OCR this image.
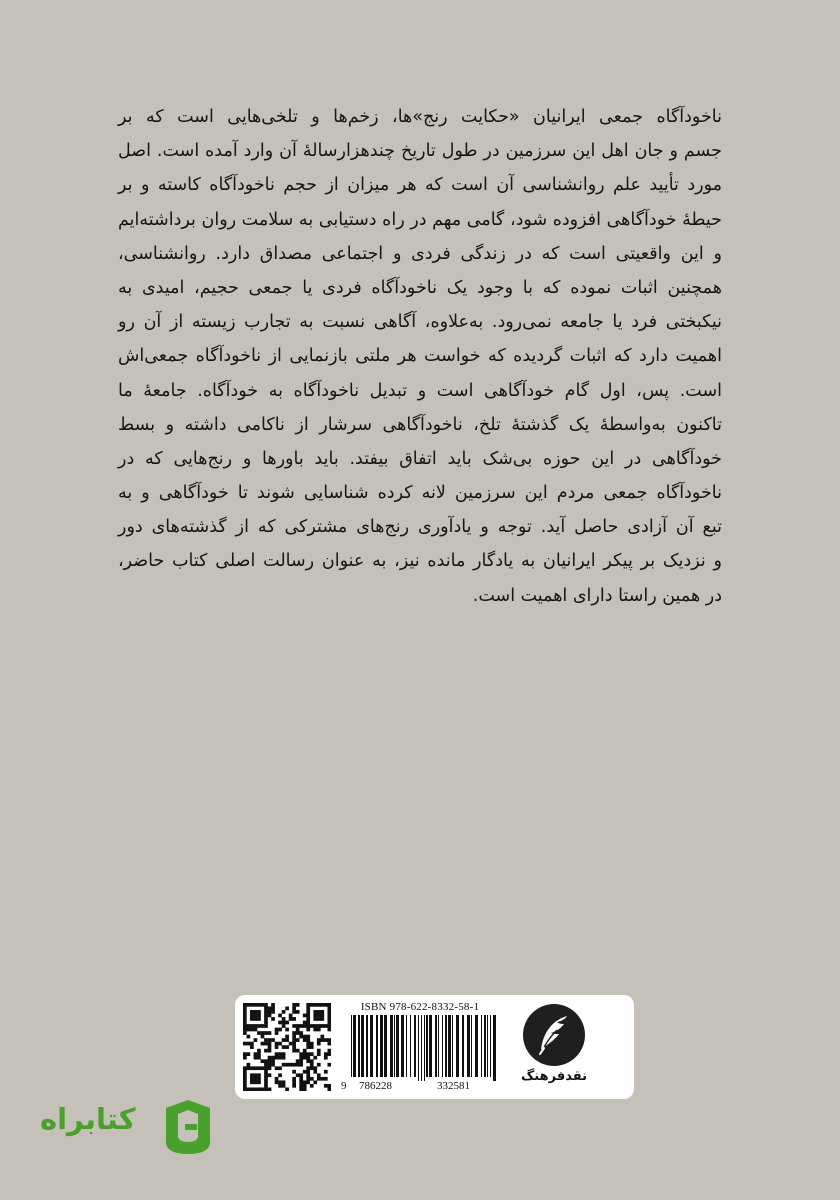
ناخودآگاه جمعی ایرانیان «حکایت رنج»ها، زخم‌ها و تلخی‌هایی است که بر
جسم و جان اهل این سرزمین در طول تاریخ چندهزارسالهٔ آن وارد آمده است. اصل
مورد تأیید علم روانشناسی آن است که هر میزان از حجم ناخودآگاه کاسته و بر
حیطهٔ خودآگاهی افزوده شود، گامی مهم در راه دستیابی به سلامت روان برداشته‌ایم
و این واقعیتی است که در زندگی فردی و اجتماعی مصداق دارد. روانشناسی،
همچنین اثبات نموده که با وجود یک ناخودآگاه فردی یا جمعی حجیم، امیدی به
نیکبختی فرد یا جامعه نمی‌رود. به‌علاوه، آگاهی نسبت به تجارب زیسته از آن رو
اهمیت دارد که اثبات گردیده که خواست هر ملتی بازنمایی از ناخودآگاه جمعی‌اش
است. پس، اول گام خودآگاهی است و تبدیل ناخودآگاه به خودآگاه. جامعهٔ ما
تاکنون به‌واسطهٔ یک گذشتهٔ تلخ، ناخودآگاهی سرشار از ناکامی داشته و بسط
خودآگاهی در این حوزه بی‌شک باید اتفاق بیفتد. باید باورها و رنج‌هایی که در
ناخودآگاه جمعی مردم این سرزمین لانه کرده شناسایی شوند تا خودآگاهی و به
تبع آن آزادی حاصل آید. توجه و یادآوری رنج‌های مشترکی که از گذشته‌های دور
و نزدیک بر پیکر ایرانیان به یادگار مانده نیز، به عنوان رسالت اصلی کتاب حاضر،
در همین راستا دارای اهمیت است.
ISBN 978-622-8332-58-1
9 786228	332581
نقدفرهنگ
کتابراه
